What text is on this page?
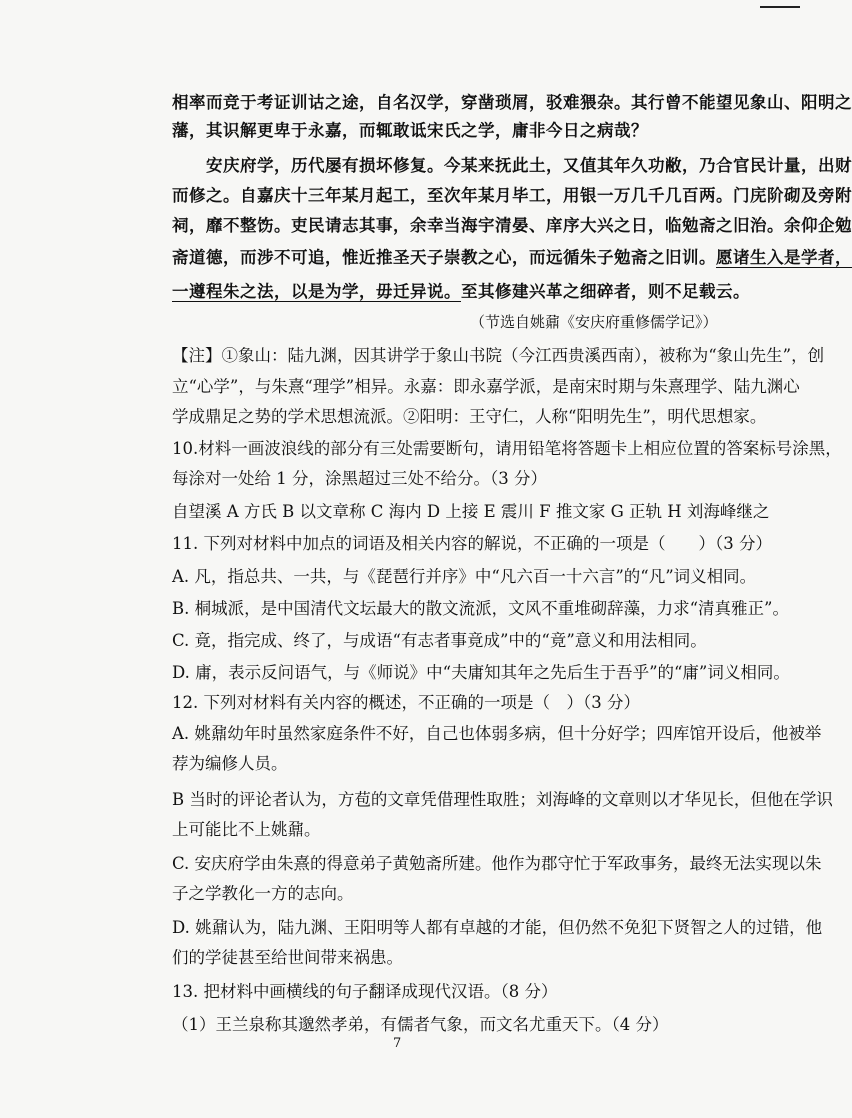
相率而竞于考证训诂之途，自名汉学，穿凿琐屑，驳难猥杂。其行曾不能望见象山、阳明之
藩，其识解更卑于永嘉，而辄敢诋宋氏之学，庸非今日之病哉？
　　安庆府学，历代屡有损坏修复。今某来抚此土，又值其年久功敝，乃合官民计量，出财
而修之。自嘉庆十三年某月起工，至次年某月毕工，用银一万几千几百两。门庑阶砌及旁附
祠，靡不整饬。吏民请志其事，余幸当海宇清晏、庠序大兴之日，临勉斋之旧治。余仰企勉
斋道德，而涉不可追，惟近推圣天子崇教之心，而远循朱子勉斋之旧训。愿诸生入是学者，
一遵程朱之法，以是为学，毋迁异说。至其修建兴革之细碎者，则不足载云。
（节选自姚鼐《安庆府重修儒学记》）
【注】①象山：陆九渊，因其讲学于象山书院（今江西贵溪西南），被称为“象山先生”，创
立“心学”，与朱熹“理学”相异。永嘉：即永嘉学派，是南宋时期与朱熹理学、陆九渊心
学成鼎足之势的学术思想流派。②阳明：王守仁，人称“阳明先生”，明代思想家。
10.材料一画波浪线的部分有三处需要断句，请用铅笔将答题卡上相应位置的答案标号涂黑，
每涂对一处给 1 分，涂黑超过三处不给分。（3 分）
自望溪 A 方氏 B 以文章称 C 海内 D 上接 E 震川 F 推文家 G 正轨 H 刘海峰继之
11. 下列对材料中加点的词语及相关内容的解说，不正确的一项是（　　）（3 分）
A. 凡，指总共、一共，与《琵琶行并序》中“凡六百一十六言”的“凡”词义相同。
B. 桐城派，是中国清代文坛最大的散文流派，文风不重堆砌辞藻，力求“清真雅正”。
C. 竟，指完成、终了，与成语“有志者事竟成”中的“竟”意义和用法相同。
D. 庸，表示反问语气，与《师说》中“夫庸知其年之先后生于吾乎”的“庸”词义相同。
12. 下列对材料有关内容的概述，不正确的一项是（　）（3 分）
A. 姚鼐幼年时虽然家庭条件不好，自己也体弱多病，但十分好学；四库馆开设后，他被举
荐为编修人员。
B 当时的评论者认为，方苞的文章凭借理性取胜；刘海峰的文章则以才华见长，但他在学识
上可能比不上姚鼐。
C. 安庆府学由朱熹的得意弟子黄勉斋所建。他作为郡守忙于军政事务，最终无法实现以朱
子之学教化一方的志向。
D. 姚鼐认为，陆九渊、王阳明等人都有卓越的才能，但仍然不免犯下贤智之人的过错，他
们的学徒甚至给世间带来祸患。
13. 把材料中画横线的句子翻译成现代汉语。（8 分）
（1）王兰泉称其邈然孝弟，有儒者气象，而文名尤重天下。（4 分）
7
